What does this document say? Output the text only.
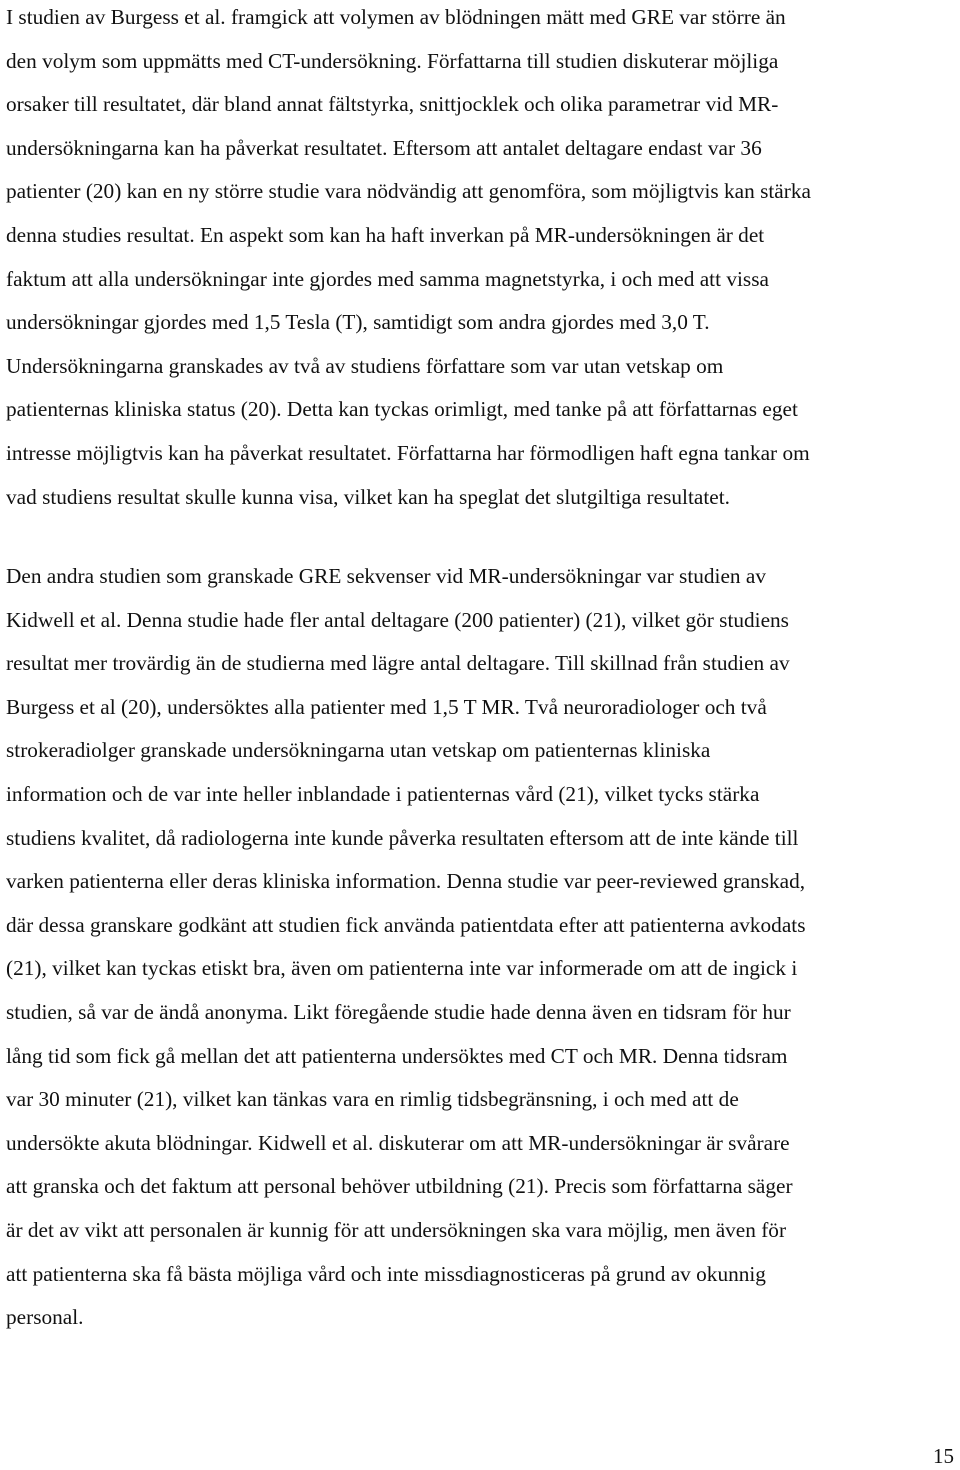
I studien av Burgess et al. framgick att volymen av blödningen mätt med GRE var större än

den volym som uppmätts med CT-undersökning. Författarna till studien diskuterar möjliga

orsaker till resultatet, där bland annat fältstyrka, snittjocklek och olika parametrar vid MR-

undersökningarna kan ha påverkat resultatet. Eftersom att antalet deltagare endast var 36

patienter (20) kan en ny större studie vara nödvändig att genomföra, som möjligtvis kan stärka

denna studies resultat. En aspekt som kan ha haft inverkan på MR-undersökningen är det

faktum att alla undersökningar inte gjordes med samma magnetstyrka, i och med att vissa

undersökningar gjordes med 1,5 Tesla (T), samtidigt som andra gjordes med 3,0 T.

Undersökningarna granskades av två av studiens författare som var utan vetskap om

patienternas kliniska status (20). Detta kan tyckas orimligt, med tanke på att författarnas eget

intresse möjligtvis kan ha påverkat resultatet. Författarna har förmodligen haft egna tankar om

vad studiens resultat skulle kunna visa, vilket kan ha speglat det slutgiltiga resultatet.

Den andra studien som granskade GRE sekvenser vid MR-undersökningar var studien av

Kidwell et al. Denna studie hade fler antal deltagare (200 patienter) (21), vilket gör studiens

resultat mer trovärdig än de studierna med lägre antal deltagare. Till skillnad från studien av

Burgess et al (20), undersöktes alla patienter med 1,5 T MR. Två neuroradiologer och två

strokeradiolger granskade undersökningarna utan vetskap om patienternas kliniska

information och de var inte heller inblandade i patienternas vård (21), vilket tycks stärka

studiens kvalitet, då radiologerna inte kunde påverka resultaten eftersom att de inte kände till

varken patienterna eller deras kliniska information. Denna studie var peer-reviewed granskad,

där dessa granskare godkänt att studien fick använda patientdata efter att patienterna avkodats

(21), vilket kan tyckas etiskt bra, även om patienterna inte var informerade om att de ingick i

studien, så var de ändå anonyma. Likt föregående studie hade denna även en tidsram för hur

lång tid som fick gå mellan det att patienterna undersöktes med CT och MR. Denna tidsram

var 30 minuter (21), vilket kan tänkas vara en rimlig tidsbegränsning, i och med att de

undersökte akuta blödningar. Kidwell et al. diskuterar om att MR-undersökningar är svårare

att granska och det faktum att personal behöver utbildning (21). Precis som författarna säger

är det av vikt att personalen är kunnig för att undersökningen ska vara möjlig, men även för

att patienterna ska få bästa möjliga vård och inte missdiagnosticeras på grund av okunnig

personal.

15
